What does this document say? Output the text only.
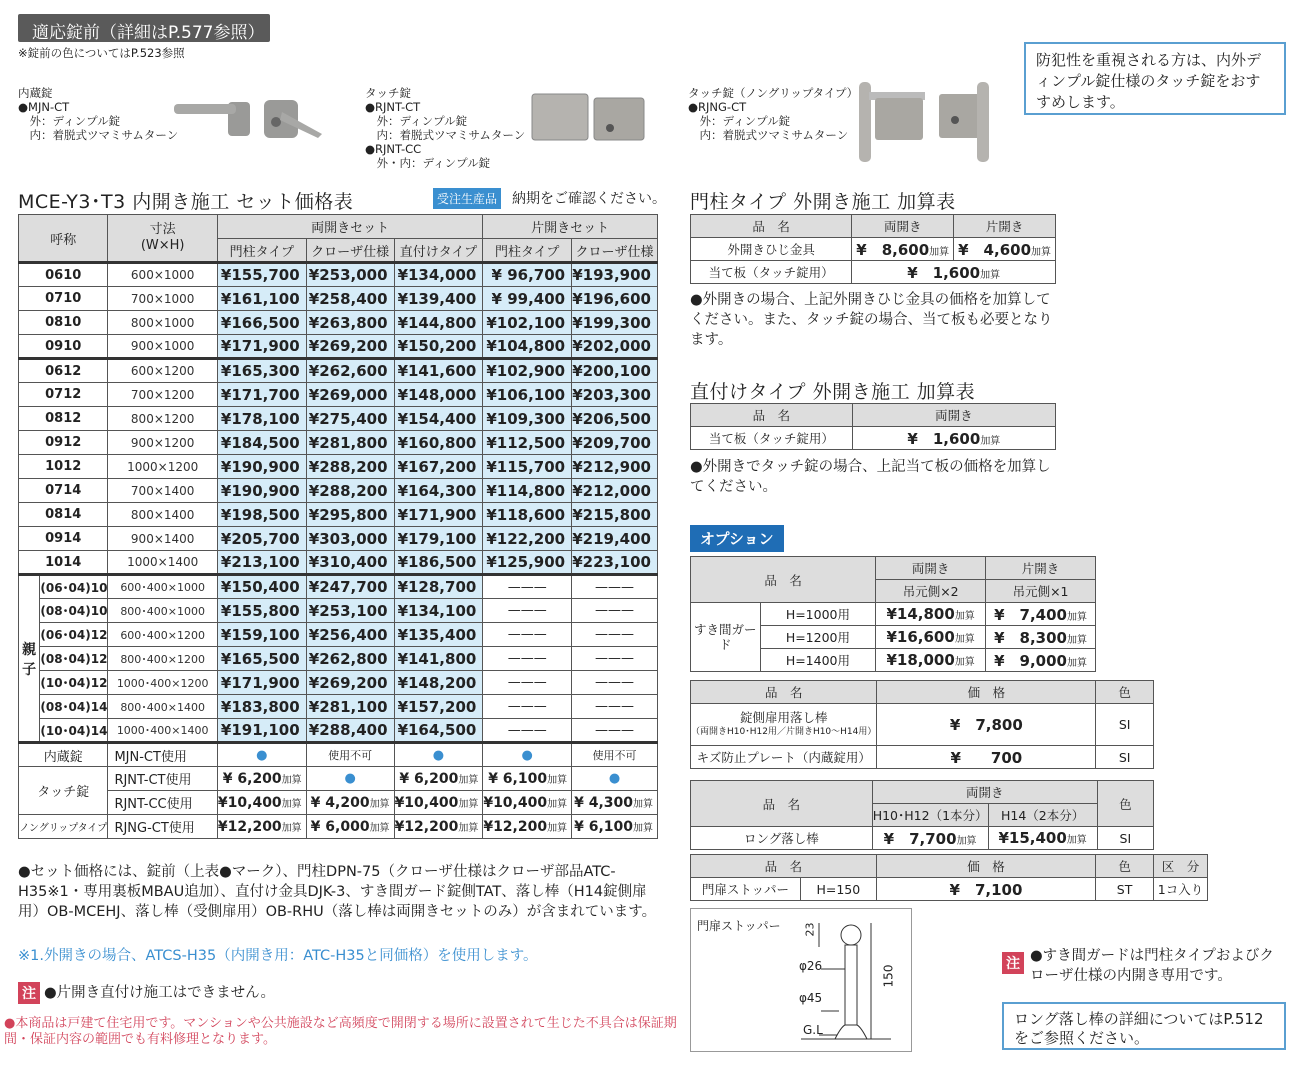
適応錠前（詳細はP.577参照）
※錠前の色についてはP.523参照	防犯性を重視される方は、内外ディンプル錠仕様のタッチ錠をおすすめします。
内蔵錠
●MJN-CT
　外：ディンプル錠
　内：着脱式ツマミサムターン
タッチ錠
●RJNT-CT
　外：ディンプル錠
　内：着脱式ツマミサムターン
●RJNT-CC
　外・内：ディンプル錠
タッチ錠（ノングリップタイプ）
●RJNG-CT
　外：ディンプル錠
　内：着脱式ツマミサムターン
MCE-Y3･T3 内開き施工 セット価格表	受注生産品 納期をご確認ください。
呼称		寸法
(W×H)	両開きセット			片開きセット	
			門柱タイプ	クローザ仕様	直付けタイプ	門柱タイプ	クローザ仕様
0610		600×1000	¥155,700	¥253,000	¥134,000	¥ 96,700	¥193,900
0710		700×1000	¥161,100	¥258,400	¥139,400	¥ 99,400	¥196,600
0810		800×1000	¥166,500	¥263,800	¥144,800	¥102,100	¥199,300
0910		900×1000	¥171,900	¥269,200	¥150,200	¥104,800	¥202,000
0612		600×1200	¥165,300	¥262,600	¥141,600	¥102,900	¥200,100
0712		700×1200	¥171,700	¥269,000	¥148,000	¥106,100	¥203,300
0812		800×1200	¥178,100	¥275,400	¥154,400	¥109,300	¥206,500
0912		900×1200	¥184,500	¥281,800	¥160,800	¥112,500	¥209,700
1012		1000×1200	¥190,900	¥288,200	¥167,200	¥115,700	¥212,900
0714		700×1400	¥190,900	¥288,200	¥164,300	¥114,800	¥212,000
0814		800×1400	¥198,500	¥295,800	¥171,900	¥118,600	¥215,800
0914		900×1400	¥205,700	¥303,000	¥179,100	¥122,200	¥219,400
1014		1000×1400	¥213,100	¥310,400	¥186,500	¥125,900	¥223,100
親子	(06･04)10	600･400×1000	¥150,400	¥247,700	¥128,700	———	———
	(08･04)10	800･400×1000	¥155,800	¥253,100	¥134,100	———	———
	(06･04)12	600･400×1200	¥159,100	¥256,400	¥135,400	———	———
	(08･04)12	800･400×1200	¥165,500	¥262,800	¥141,800	———	———
	(10･04)12	1000･400×1200	¥171,900	¥269,200	¥148,200	———	———
	(08･04)14	800･400×1400	¥183,800	¥281,100	¥157,200	———	———
	(10･04)14	1000･400×1400	¥191,100	¥288,400	¥164,500	———	———
内蔵錠		MJN-CT使用	●	使用不可	●	●	使用不可
タッチ錠		RJNT-CT使用	¥ 6,200加算	●	¥ 6,200加算	¥ 6,100加算	●
		RJNT-CC使用	¥10,400加算	¥ 4,200加算	¥10,400加算	¥10,400加算	¥ 4,300加算
ノングリップタイプ		RJNG-CT使用	¥12,200加算	¥ 6,000加算	¥12,200加算	¥12,200加算	¥ 6,100加算
●セット価格には、錠前（上表●マーク）、門柱DPN-75（クローザ仕様はクローザ部品ATC-H35※1・専用裏板MBAU追加）、直付け金具DJK-3、すき間ガード錠側TAT、落し棒（H14錠側扉用）OB-MCEHJ、落し棒（受側扉用）OB-RHU（落し棒は両開きセットのみ）が含まれています。
※1.外開きの場合、ATCS-H35（内開き用：ATC-H35と同価格）を使用します。
注 ●片開き直付け施工はできません。
●本商品は戸建て住宅用です。マンションや公共施設など高頻度で開閉する場所に設置されて生じた不具合は保証期間・保証内容の範囲でも有料修理となります。
門柱タイプ 外開き施工 加算表
品　名	両開き	片開き
外開きひじ金具	¥　8,600加算	¥　4,600加算
当て板（タッチ錠用）	¥　1,600加算	
●外開きの場合、上記外開きひじ金具の価格を加算してください。また、タッチ錠の場合、当て板も必要となります。
直付けタイプ 外開き施工 加算表
品　名	両開き
当て板（タッチ錠用）	¥　1,600加算
●外開きでタッチ錠の場合、上記当て板の価格を加算してください。
オプション
品　名		両開き	片開き
		吊元側×2	吊元側×1
すき間ガード	H=1000用	¥14,800加算	¥　7,400加算
	H=1200用	¥16,600加算	¥　8,300加算
	H=1400用	¥18,000加算	¥　9,000加算
品　名	価　格	色

錠側扉用落し棒
（両開きH10･H12用／片開きH10～H14用）	¥　7,800	SI
キズ防止プレート（内蔵錠用）	¥　　700	SI
品　名	両開き		色
	H10･H12（1本分）	H14（2本分）	
ロング落し棒	¥　7,700加算	¥15,400加算	SI
品　名		価　格	色	区　分
門扉ストッパー	H=150	¥　7,100	ST	1コ入り
門扉ストッパー 23
φ26
φ45
G.L
150
注 ●すき間ガードは門柱タイプおよびクローザ仕様の内開き専用です。
ロング落し棒の詳細についてはP.512をご参照ください。
